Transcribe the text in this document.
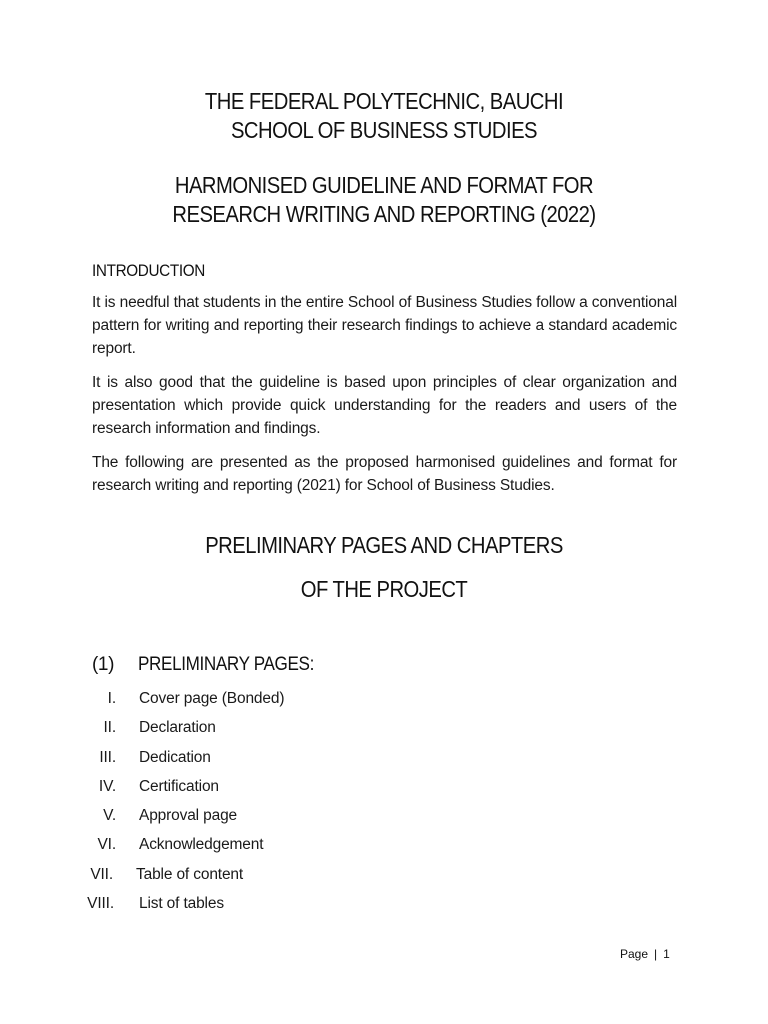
THE FEDERAL POLYTECHNIC, BAUCHI
SCHOOL OF BUSINESS STUDIES
HARMONISED GUIDELINE AND FORMAT FOR
RESEARCH WRITING AND REPORTING (2022)
INTRODUCTION
It is needful that students in the entire School of Business Studies follow a conventional pattern for writing and reporting their research findings to achieve a standard academic report.
It is also good that the guideline is based upon principles of clear organization and presentation which provide quick understanding for the readers and users of the research information and findings.
The following are presented as the proposed harmonised guidelines and format for research writing and reporting (2021) for School of Business Studies.
PRELIMINARY PAGES AND CHAPTERS
OF THE PROJECT
(1) PRELIMINARY PAGES:
I. Cover page (Bonded)
II. Declaration
III. Dedication
IV. Certification
V. Approval page
VI. Acknowledgement
VII. Table of content
VIII. List of tables
Page | 1
